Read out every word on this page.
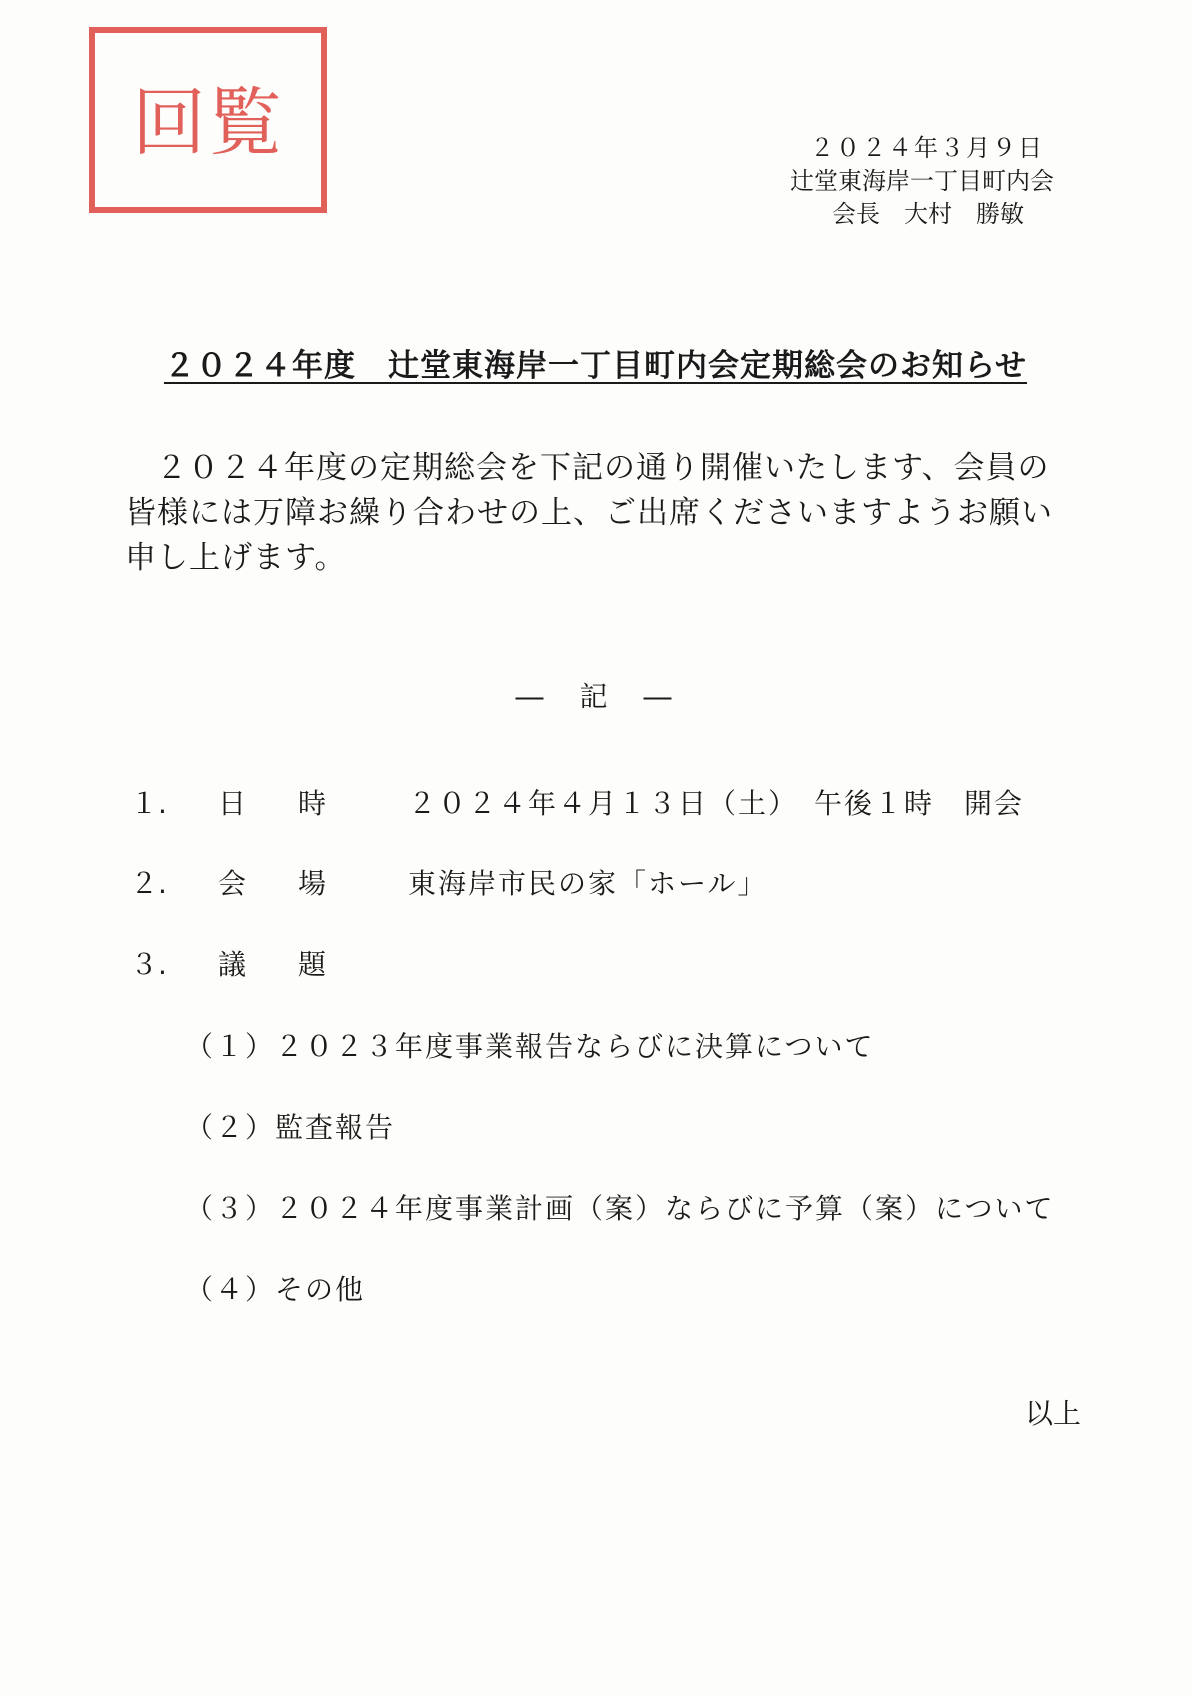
回覧	２０２４年３月９日
辻堂東海岸一丁目町内会
会長　大村　勝敏
２０２４年度　辻堂東海岸一丁目町内会定期総会のお知らせ
２０２４年度の定期総会を下記の通り開催いたします、会員の皆様には万障お繰り合わせの上、ご出席くださいますようお願い申し上げます。
―　記　―
１.	日　時	２０２４年４月１３日（土）　午後１時　開会
２.	会　場	東海岸市民の家「ホール」
３.	議　題
（１）２０２３年度事業報告ならびに決算について
（２）監査報告
（３）２０２４年度事業計画（案）ならびに予算（案）について
（４）その他
以上
